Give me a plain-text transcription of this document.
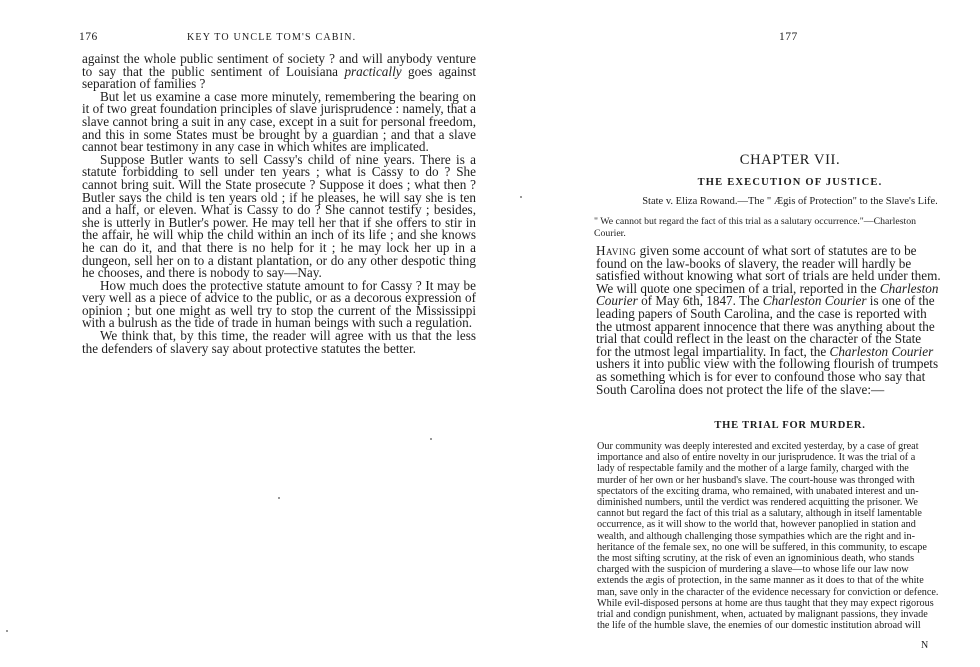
176	KEY TO UNCLE TOM'S CABIN.

against the whole public sentiment of society ? and will anybody venture to say that the public sentiment of Louisiana practically goes against separation of families ?

But let us examine a case more minutely, remembering the bearing on it of two great foundation principles of slave jurisprudence : namely, that a slave cannot bring a suit in any case, except in a suit for personal freedom, and this in some States must be brought by a guardian ; and that a slave cannot bear testimony in any case in which whites are implicated.

Suppose Butler wants to sell Cassy's child of nine years. There is a statute forbidding to sell under ten years ; what is Cassy to do ? She cannot bring suit. Will the State prosecute ? Suppose it does ; what then ? Butler says the child is ten years old ; if he pleases, he will say she is ten and a half, or eleven. What is Cassy to do ? She cannot testify ; besides, she is utterly in Butler's power. He may tell her that if she offers to stir in the affair, he will whip the child within an inch of its life ; and she knows he can do it, and that there is no help for it ; he may lock her up in a dungeon, sell her on to a distant plantation, or do any other despotic thing he chooses, and there is nobody to say—Nay.

How much does the protective statute amount to for Cassy ? It may be very well as a piece of advice to the public, or as a decorous expression of opinion ; but one might as well try to stop the current of the Mississippi with a bulrush as the tide of trade in human beings with such a regulation.

We think that, by this time, the reader will agree with us that the less the defenders of slavery say about protective statutes the better.

177
CHAPTER VII.
THE EXECUTION OF JUSTICE.
State v. Eliza Rowand.—The " Ægis of Protection" to the Slave's Life.
" We cannot but regard the fact of this trial as a salutary occurrence."—Charleston
Courier.
Having given some account of what sort of statutes are to be
found on the law-books of slavery, the reader will hardly be
satisfied without knowing what sort of trials are held under them.
We will quote one specimen of a trial, reported in the Charleston
Courier of May 6th, 1847. The Charleston Courier is one of the
leading papers of South Carolina, and the case is reported with
the utmost apparent innocence that there was anything about the
trial that could reflect in the least on the character of the State
for the utmost legal impartiality. In fact, the Charleston Courier
ushers it into public view with the following flourish of trumpets
as something which is for ever to confound those who say that
South Carolina does not protect the life of the slave:—
THE TRIAL FOR MURDER.
Our community was deeply interested and excited yesterday, by a case of great
importance and also of entire novelty in our jurisprudence. It was the trial of a
lady of respectable family and the mother of a large family, charged with the
murder of her own or her husband's slave. The court-house was thronged with
spectators of the exciting drama, who remained, with unabated interest and un-
diminished numbers, until the verdict was rendered acquitting the prisoner. We
cannot but regard the fact of this trial as a salutary, although in itself lamentable
occurrence, as it will show to the world that, however panoplied in station and
wealth, and although challenging those sympathies which are the right and in-
heritance of the female sex, no one will be suffered, in this community, to escape
the most sifting scrutiny, at the risk of even an ignominious death, who stands
charged with the suspicion of murdering a slave—to whose life our law now
extends the ægis of protection, in the same manner as it does to that of the white
man, save only in the character of the evidence necessary for conviction or defence.
While evil-disposed persons at home are thus taught that they may expect rigorous
trial and condign punishment, when, actuated by malignant passions, they invade
the life of the humble slave, the enemies of our domestic institution abroad will
N
